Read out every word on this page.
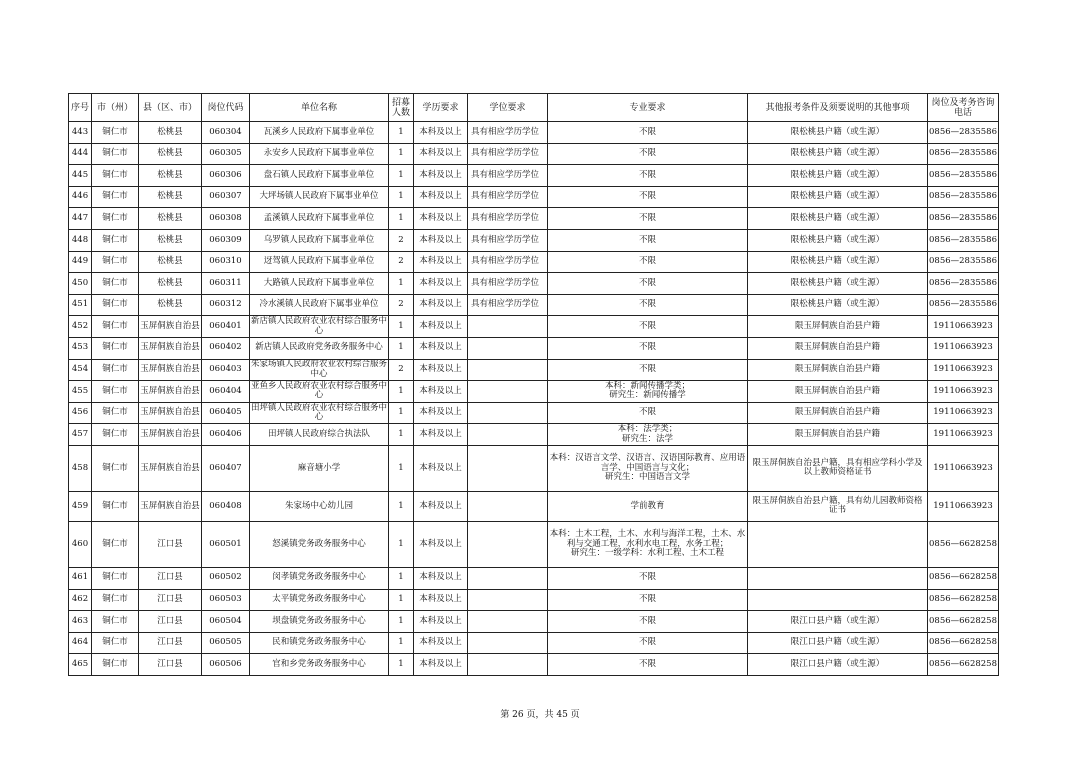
序号	市（州）	县（区、市）	岗位代码	单位名称	招募人数	学历要求	学位要求	专业要求	其他报考条件及须要说明的其他事项	岗位及考务咨询电话
443	铜仁市	松桃县	060304	瓦溪乡人民政府下属事业单位	1	本科及以上	具有相应学历学位	不限	限松桃县户籍（或生源）	0856—2835586
444	铜仁市	松桃县	060305	永安乡人民政府下属事业单位	1	本科及以上	具有相应学历学位	不限	限松桃县户籍（或生源）	0856—2835586
445	铜仁市	松桃县	060306	盘石镇人民政府下属事业单位	1	本科及以上	具有相应学历学位	不限	限松桃县户籍（或生源）	0856—2835586
446	铜仁市	松桃县	060307	大坪场镇人民政府下属事业单位	1	本科及以上	具有相应学历学位	不限	限松桃县户籍（或生源）	0856—2835586
447	铜仁市	松桃县	060308	孟溪镇人民政府下属事业单位	1	本科及以上	具有相应学历学位	不限	限松桃县户籍（或生源）	0856—2835586
448	铜仁市	松桃县	060309	乌罗镇人民政府下属事业单位	2	本科及以上	具有相应学历学位	不限	限松桃县户籍（或生源）	0856—2835586
449	铜仁市	松桃县	060310	迓驾镇人民政府下属事业单位	2	本科及以上	具有相应学历学位	不限	限松桃县户籍（或生源）	0856—2835586
450	铜仁市	松桃县	060311	大路镇人民政府下属事业单位	1	本科及以上	具有相应学历学位	不限	限松桃县户籍（或生源）	0856—2835586
451	铜仁市	松桃县	060312	冷水溪镇人民政府下属事业单位	2	本科及以上	具有相应学历学位	不限	限松桃县户籍（或生源）	0856—2835586
452	铜仁市	玉屏侗族自治县	060401	新店镇人民政府农业农村综合服务中心	1	本科及以上		不限	限玉屏侗族自治县户籍	19110663923
453	铜仁市	玉屏侗族自治县	060402	新店镇人民政府党务政务服务中心	1	本科及以上		不限	限玉屏侗族自治县户籍	19110663923
454	铜仁市	玉屏侗族自治县	060403	朱家场镇人民政府农业农村综合服务中心	2	本科及以上		不限	限玉屏侗族自治县户籍	19110663923
455	铜仁市	玉屏侗族自治县	060404	亚鱼乡人民政府农业农村综合服务中心	1	本科及以上		本科：新闻传播学类；
研究生：新闻传播学	限玉屏侗族自治县户籍	19110663923
456	铜仁市	玉屏侗族自治县	060405	田坪镇人民政府农业农村综合服务中心	1	本科及以上		不限	限玉屏侗族自治县户籍	19110663923
457	铜仁市	玉屏侗族自治县	060406	田坪镇人民政府综合执法队	1	本科及以上		本科：法学类；
研究生：法学	限玉屏侗族自治县户籍	19110663923
458	铜仁市	玉屏侗族自治县	060407	麻音塘小学	1	本科及以上		本科：汉语言文学、汉语言、汉语国际教育、应用语言学、中国语言与文化；
研究生：中国语言文学	限玉屏侗族自治县户籍，具有相应学科小学及以上教师资格证书	19110663923
459	铜仁市	玉屏侗族自治县	060408	朱家场中心幼儿园	1	本科及以上		学前教育	限玉屏侗族自治县户籍，具有幼儿园教师资格证书	19110663923
460	铜仁市	江口县	060501	怒溪镇党务政务服务中心	1	本科及以上		本科：土木工程，土木、水利与海洋工程，土木、水利与交通工程，水利水电工程，水务工程；
研究生：一级学科：水利工程、土木工程		0856—6628258
461	铜仁市	江口县	060502	闵孝镇党务政务服务中心	1	本科及以上		不限		0856—6628258
462	铜仁市	江口县	060503	太平镇党务政务服务中心	1	本科及以上		不限		0856—6628258
463	铜仁市	江口县	060504	坝盘镇党务政务服务中心	1	本科及以上		不限	限江口县户籍（或生源）	0856—6628258
464	铜仁市	江口县	060505	民和镇党务政务服务中心	1	本科及以上		不限	限江口县户籍（或生源）	0856—6628258
465	铜仁市	江口县	060506	官和乡党务政务服务中心	1	本科及以上		不限	限江口县户籍（或生源）	0856—6628258
第 26 页，共 45 页
